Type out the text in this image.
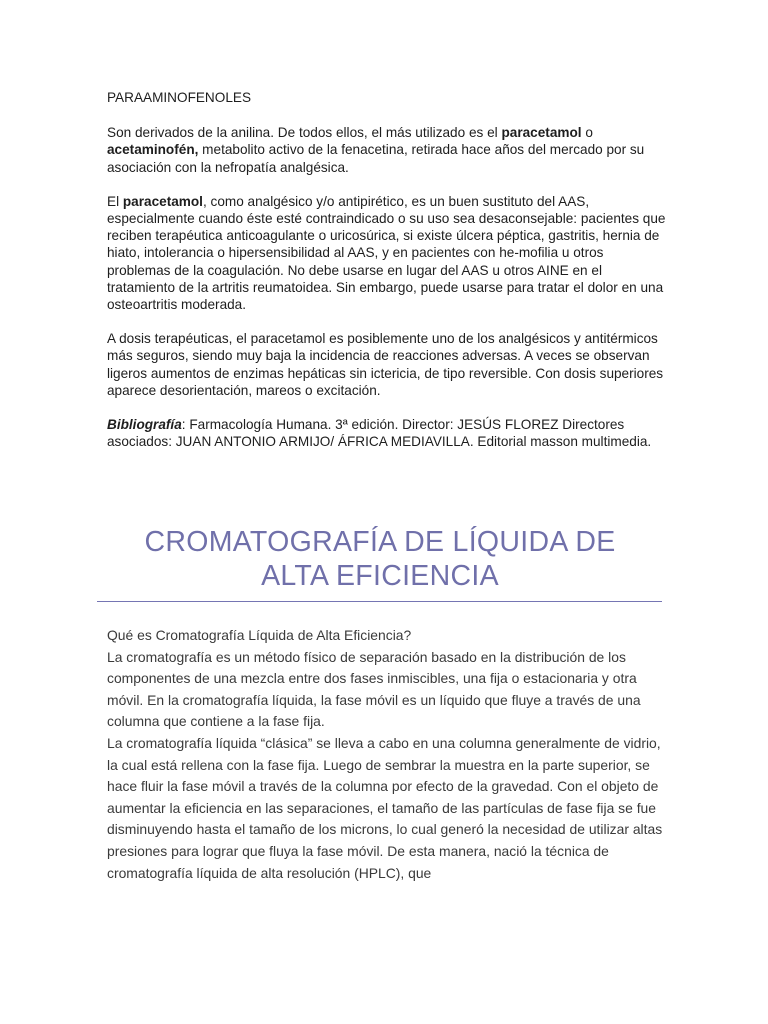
PARAAMINOFENOLES

Son derivados de la anilina. De todos ellos, el más utilizado es el paracetamol o acetaminofén, metabolito activo de la fenacetina, retirada hace años del mercado por su asociación con la nefropatía analgésica.

El paracetamol, como analgésico y/o antipirético, es un buen sustituto del AAS, especialmente cuando éste esté contraindicado o su uso sea desaconsejable: pacientes que reciben terapéutica anticoagulante o uricosúrica, si existe úlcera péptica, gastritis, hernia de hiato, intolerancia o hipersensibilidad al AAS, y en pacientes con he-mofilia u otros problemas de la coagulación. No debe usarse en lugar del AAS u otros AINE en el tratamiento de la artritis reumatoidea. Sin embargo, puede usarse para tratar el dolor en una osteoartritis moderada.

A dosis terapéuticas, el paracetamol es posiblemente uno de los analgésicos y antitérmicos más seguros, siendo muy baja la incidencia de reacciones adversas. A veces se observan ligeros aumentos de enzimas hepáticas sin ictericia, de tipo reversible. Con dosis superiores aparece desorientación, mareos o excitación.

Bibliografía: Farmacología Humana. 3ª edición. Director: JESÚS FLOREZ Directores asociados: JUAN ANTONIO ARMIJO/ ÁFRICA MEDIAVILLA. Editorial masson multimedia.

CROMATOGRAFÍA DE LÍQUIDA DE
ALTA EFICIENCIA

Qué es Cromatografía Líquida de Alta Eficiencia?

La cromatografía es un método físico de separación basado en la distribución de los componentes de una mezcla entre dos fases inmiscibles, una fija o estacionaria y otra móvil. En la cromatografía líquida, la fase móvil es un líquido que fluye a través de una columna que contiene a la fase fija.

La cromatografía líquida “clásica” se lleva a cabo en una columna generalmente de vidrio, la cual está rellena con la fase fija. Luego de sembrar la muestra en la parte superior, se hace fluir la fase móvil a través de la columna por efecto de la gravedad. Con el objeto de aumentar la eficiencia en las separaciones, el tamaño de las partículas de fase fija se fue disminuyendo hasta el tamaño de los microns, lo cual generó la necesidad de utilizar altas presiones para lograr que fluya la fase móvil. De esta manera, nació la técnica de cromatografía líquida de alta resolución (HPLC), que
